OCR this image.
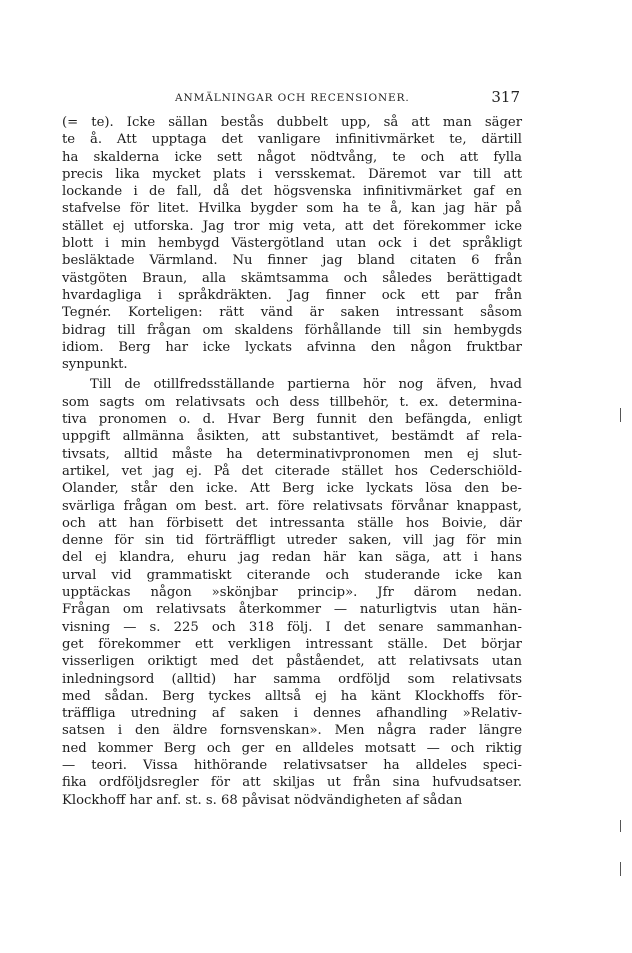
ANMÄLNINGAR OCH RECENSIONER.	317
(= te). Icke sällan bestås dubbelt upp, så att man säger
te å. Att upptaga det vanligare infinitivmärket te, därtill
ha skalderna icke sett något nödtvång, te och att fylla
precis lika mycket plats i versskemat. Däremot var till att
lockande i de fall, då det högsvenska infinitivmärket gaf en
stafvelse för litet. Hvilka bygder som ha te å, kan jag här på
stället ej utforska. Jag tror mig veta, att det förekommer icke
blott i min hembygd Västergötland utan ock i det språkligt
besläktade Värmland. Nu finner jag bland citaten 6 från
västgöten Braun, alla skämtsamma och således berättigadt
hvardagliga i språkdräkten. Jag finner ock ett par från
Tegnér. Korteligen: rätt vänd är saken intressant såsom
bidrag till frågan om skaldens förhållande till sin hembygds
idiom. Berg har icke lyckats afvinna den någon fruktbar
synpunkt.
Till de otillfredsställande partierna hör nog äfven, hvad
som sagts om relativsats och dess tillbehör, t. ex. determina-
tiva pronomen o. d. Hvar Berg funnit den befängda, enligt
uppgift allmänna åsikten, att substantivet, bestämdt af rela-
tivsats, alltid måste ha determinativpronomen men ej slut-
artikel, vet jag ej. På det citerade stället hos Cederschiöld-
Olander, står den icke. Att Berg icke lyckats lösa den be-
svärliga frågan om best. art. före relativsats förvånar knappast,
och att han förbisett det intressanta ställe hos Boivie, där
denne för sin tid förträffligt utreder saken, vill jag för min
del ej klandra, ehuru jag redan här kan säga, att i hans
urval vid grammatiskt citerande och studerande icke kan
upptäckas någon »skönjbar princip». Jfr därom nedan.
Frågan om relativsats återkommer — naturligtvis utan hän-
visning — s. 225 och 318 följ. I det senare sammanhan-
get förekommer ett verkligen intressant ställe. Det börjar
visserligen oriktigt med det påståendet, att relativsats utan
inledningsord (alltid) har samma ordföljd som relativsats
med sådan. Berg tyckes alltså ej ha känt Klockhoffs för-
träffliga utredning af saken i dennes afhandling »Relativ-
satsen i den äldre fornsvenskan». Men några rader längre
ned kommer Berg och ger en alldeles motsatt — och riktig
— teori. Vissa hithörande relativsatser ha alldeles speci-
fika ordföljdsregler för att skiljas ut från sina hufvudsatser.
Klockhoff har anf. st. s. 68 påvisat nödvändigheten af sådan
